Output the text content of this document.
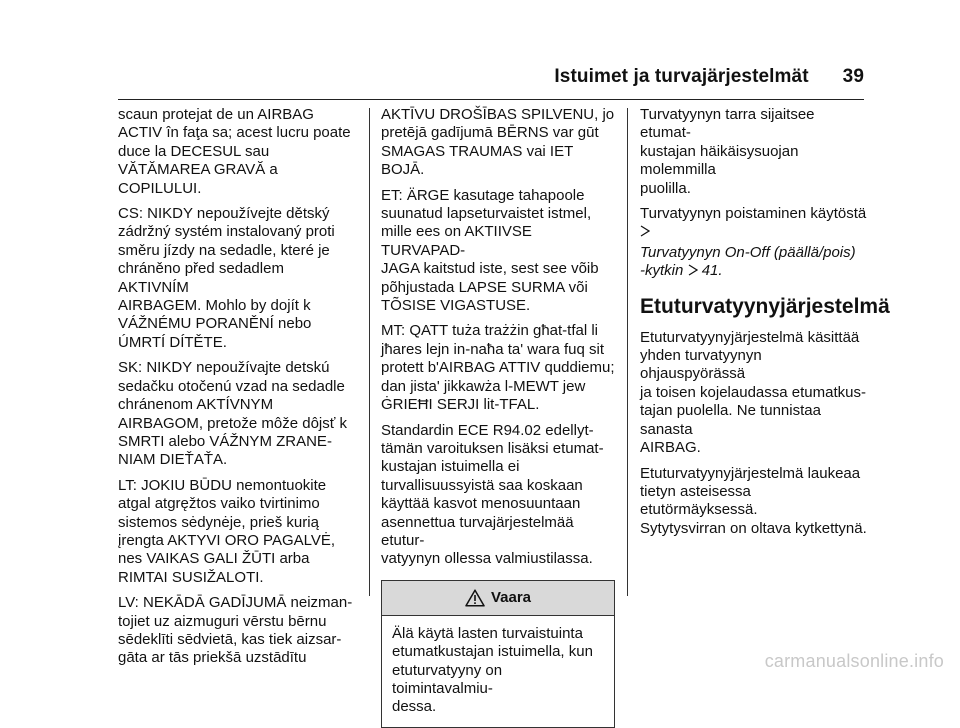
Istuimet ja turvajärjestelmät 39

scaun protejat de un AIRBAG
ACTIV în faţa sa; acest lucru poate
duce la DECESUL sau
VĂTĂMAREA GRAVĂ a
COPILULUI.

CS: NIKDY nepoužívejte dětský
zádržný systém instalovaný proti
směru jízdy na sedadle, které je
chráněno před sedadlem AKTIVNÍM
AIRBAGEM. Mohlo by dojít k
VÁŽNÉMU PORANĚNÍ nebo
ÚMRTÍ DÍTĚTE.

SK: NIKDY nepoužívajte detskú
sedačku otočenú vzad na sedadle
chránenom AKTÍVNYM
AIRBAGOM, pretože môže dôjsť k
SMRTI alebo VÁŽNYM ZRANE-
NIAM DIEŤAŤA.

LT: JOKIU BŪDU nemontuokite
atgal atgręžtos vaiko tvirtinimo
sistemos sėdynėje, prieš kurią
įrengta AKTYVI ORO PAGALVĖ,
nes VAIKAS GALI ŽŪTI arba
RIMTAI SUSIŽALOTI.

LV: NEKĀDĀ GADĪJUMĀ neizman-
tojiet uz aizmuguri vērstu bērnu
sēdeklīti sēdvietā, kas tiek aizsar-
gāta ar tās priekšā uzstādītu

AKTĪVU DROŠĪBAS SPILVENU, jo
pretējā gadījumā BĒRNS var gūt
SMAGAS TRAUMAS vai IET BOJĀ.

ET: ÄRGE kasutage tahapoole
suunatud lapseturvaistet istmel,
mille ees on AKTIIVSE TURVAPAD-
JAGA kaitstud iste, sest see võib
põhjustada LAPSE SURMA või
TÕSISE VIGASTUSE.

MT: QATT tuża trażżin għat-tfal li
jħares lejn in-naħa ta' wara fuq sit
protett b'AIRBAG ATTIV quddiemu;
dan jista' jikkawża l-MEWT jew
ĠRIEĦI SERJI lit-TFAL.

Standardin ECE R94.02 edellyt-
tämän varoituksen lisäksi etumat-
kustajan istuimella ei
turvallisuussyistä saa koskaan
käyttää kasvot menosuuntaan
asennettua turvajärjestelmää etutur-
vatyynyn ollessa valmiustilassa.

Vaara
Älä käytä lasten turvaistuinta
etumatkustajan istuimella, kun
etuturvatyyny on toimintavalmiu-
dessa.

Turvatyynyn tarra sijaitsee etumat-
kustajan häikäisysuojan molemmilla
puolilla.

Turvatyynyn poistaminen käytöstä

Turvatyynyn On-Off (päällä/pois)
-kytkin 41.

Etuturvatyynyjärjestelmä

Etuturvatyynyjärjestelmä käsittää
yhden turvatyynyn ohjauspyörässä
ja toisen kojelaudassa etumatkus-
tajan puolella. Ne tunnistaa sanasta
AIRBAG.

Etuturvatyynyjärjestelmä laukeaa
tietyn asteisessa etutörmäyksessä.
Sytytysvirran on oltava kytkettynä.

carmanualsonline.info
